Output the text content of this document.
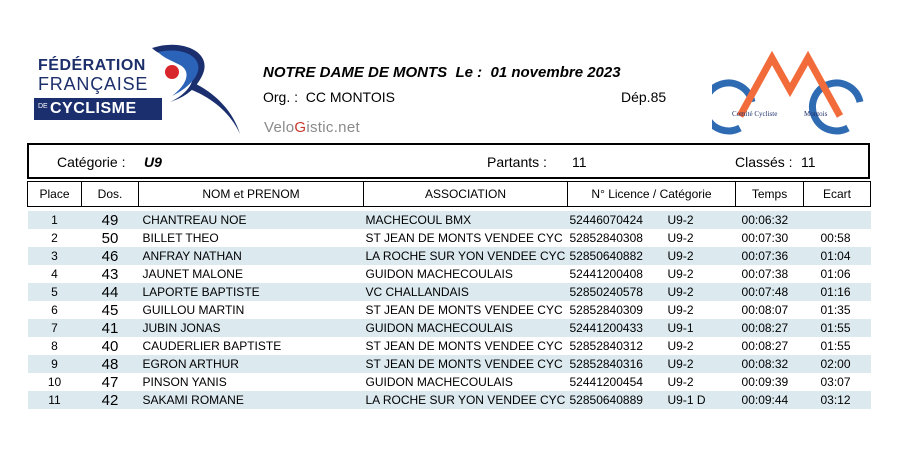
FÉDÉRATION
FRANÇAISE
DE CYCLISME
NOTRE DAME DE MONTS  Le :  01 novembre 2023
Org. :  CC MONTOIS	Dép.85
VeloGistic.net
Comité Cycliste	Montois
Catégorie : U9	Partants : 11	Classés : 11
Place	Dos.	NOM et PRENOM	ASSOCIATION	N° Licence / Catégorie		Temps	Ecart

1	49	CHANTREAU NOE	MACHECOUL BMX	52446070424	U9-2	00:06:32	
2	50	BILLET THEO	ST JEAN DE MONTS VENDEE CYC	52852840308	U9-2	00:07:30	00:58
3	46	ANFRAY NATHAN	LA ROCHE SUR YON VENDEE CYC	52850640882	U9-2	00:07:36	01:04
4	43	JAUNET MALONE	GUIDON MACHECOULAIS	52441200408	U9-2	00:07:38	01:06
5	44	LAPORTE BAPTISTE	VC CHALLANDAIS	52850240578	U9-2	00:07:48	01:16
6	45	GUILLOU MARTIN	ST JEAN DE MONTS VENDEE CYC	52852840309	U9-2	00:08:07	01:35
7	41	JUBIN JONAS	GUIDON MACHECOULAIS	52441200433	U9-1	00:08:27	01:55
8	40	CAUDERLIER BAPTISTE	ST JEAN DE MONTS VENDEE CYC	52852840312	U9-2	00:08:27	01:55
9	48	EGRON ARTHUR	ST JEAN DE MONTS VENDEE CYC	52852840316	U9-2	00:08:32	02:00
10	47	PINSON YANIS	GUIDON MACHECOULAIS	52441200454	U9-2	00:09:39	03:07
11	42	SAKAMI ROMANE	LA ROCHE SUR YON VENDEE CYC	52850640889	U9-1 D	00:09:44	03:12
